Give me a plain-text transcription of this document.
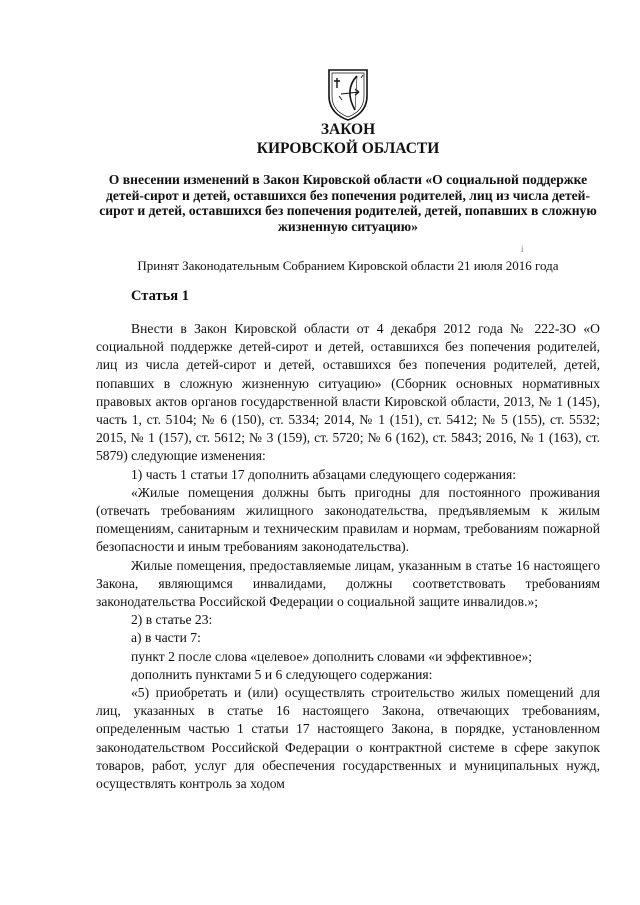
ЗАКОН
КИРОВСКОЙ ОБЛАСТИ
О внесении изменений в Закон Кировской области «О социальной поддержке детей-сирот и детей, оставшихся без попечения родителей, лиц из числа детей-сирот и детей, оставшихся без попечения родителей, детей, попавших в сложную жизненную ситуацию»
i
Принят Законодательным Собранием Кировской области 21 июля 2016 года
Статья 1

Внести в Закон Кировской области от 4 декабря 2012 года № 222-ЗО «О социальной поддержке детей-сирот и детей, оставшихся без попечения родителей, лиц из числа детей-сирот и детей, оставшихся без попечения родителей, детей, попавших в сложную жизненную ситуацию» (Сборник основных нормативных правовых актов органов государственной власти Кировской области, 2013, № 1 (145), часть 1, ст. 5104; № 6 (150), ст. 5334; 2014, № 1 (151), ст. 5412; № 5 (155), ст. 5532; 2015, № 1 (157), ст. 5612; № 3 (159), ст. 5720; № 6 (162), ст. 5843; 2016, № 1 (163), ст. 5879) следующие изменения:

1) часть 1 статьи 17 дополнить абзацами следующего содержания:

«Жилые помещения должны быть пригодны для постоянного проживания (отвечать требованиям жилищного законодательства, предъявляемым к жилым помещениям, санитарным и техническим правилам и нормам, требованиям пожарной безопасности и иным требованиям законодательства).

Жилые помещения, предоставляемые лицам, указанным в статье 16 настоящего Закона, являющимся инвалидами, должны соответствовать требованиям законодательства Российской Федерации о социальной защите инвалидов.»;

2) в статье 23:

а) в части 7:

пункт 2 после слова «целевое» дополнить словами «и эффективное»;

дополнить пунктами 5 и 6 следующего содержания:

«5) приобретать и (или) осуществлять строительство жилых помещений для лиц, указанных в статье 16 настоящего Закона, отвечающих требованиям, определенным частью 1 статьи 17 настоящего Закона, в порядке, установленном законодательством Российской Федерации о контрактной системе в сфере закупок товаров, работ, услуг для обеспечения государственных и муниципальных нужд, осуществлять контроль за ходом
